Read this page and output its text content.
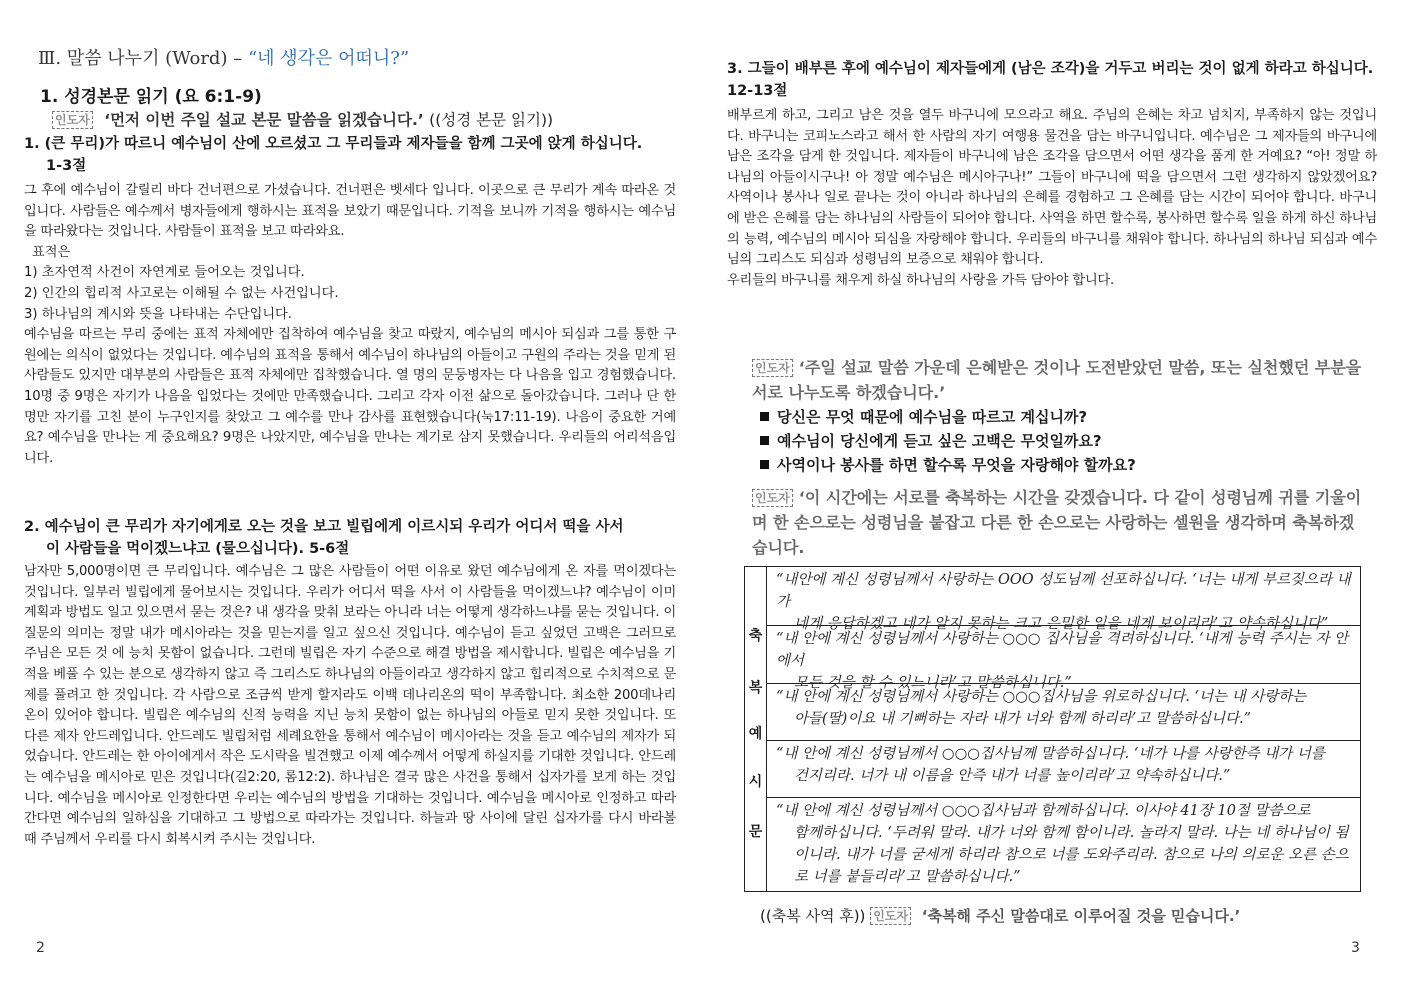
Ⅲ. 말씀 나누기 (Word) – “네 생각은 어떠니?”
1. 성경본문 읽기 (요 6:1-9)
인도자 ‘먼저 이번 주일 설교 본문 말씀을 읽겠습니다.’ ((성경 본문 읽기))

1. (큰 무리)가 따르니 예수님이 산에 오르셨고 그 무리들과 제자들을 함께 그곳에 앉게 하십니다.
1-3절

그 후에 예수님이 갈릴리 바다 건너편으로 가셨습니다. 건너편은 벳세다 입니다. 이곳으로 큰 무리가 계속 따라온 것입니다. 사람들은 예수께서 병자들에게 행하시는 표적을 보았기 때문입니다. 기적을 보니까 기적을 행하시는 예수님을 따라왔다는 것입니다. 사람들이 표적을 보고 따라와요.

표적은
1) 초자연적 사건이 자연계로 들어오는 것입니다.
2) 인간의 힙리적 사고로는 이해될 수 없는 사건입니다.
3) 하나님의 계시와 뜻을 나타내는 수단입니다.

예수님을 따르는 무리 중에는 표적 자체에만 집착하여 예수님을 찾고 따랐지, 예수님의 메시아 되심과 그를 통한 구원에는 의식이 없었다는 것입니다. 예수님의 표적을 통해서 예수님이 하나님의 아들이고 구원의 주라는 것을 믿게 된 사람들도 있지만 대부분의 사람들은 표적 자체에만 집착했습니다. 열 명의 문둥병자는 다 나음을 입고 경험했습니다. 10명 중 9명은 자기가 나음을 입었다는 것에만 만족했습니다. 그리고 각자 이전 삶으로 돌아갔습니다. 그러나 단 한 명만 자기를 고친 분이 누구인지를 찾았고 그 예수를 만나 감사를 표현했습니다(눅17:11-19). 나음이 중요한 거예요? 예수님을 만나는 게 중요해요? 9명은 나았지만, 예수님을 만나는 계기로 삼지 못했습니다. 우리들의 어리석음입니다.

2. 예수님이 큰 무리가 자기에게로 오는 것을 보고 빌립에게 이르시되 우리가 어디서 떡을 사서
이 사람들을 먹이겠느냐고 (물으십니다). 5-6절

남자만 5,000명이면 큰 무리입니다. 예수님은 그 많은 사람들이 어떤 이유로 왔던 예수님에게 온 자를 먹이겠다는 것입니다. 일부러 빌립에게 물어보시는 것입니다. 우리가 어디서 떡을 사서 이 사람들을 먹이겠느냐? 예수님이 이미 계획과 방법도 일고 있으면서 묻는 것은? 내 생각을 맞춰 보라는 아니라 너는 어떻게 생각하느냐를 묻는 것입니다. 이 질문의 의미는 정말 내가 메시아라는 것을 믿는지를 일고 싶으신 것입니다. 예수님이 듣고 싶었던 고백은 그러므로 주님은 모든 것 에 능치 못함이 없습니다. 그런데 빌립은 자기 수준으로 해결 방법을 제시합니다. 빌립은 예수님을 기적을 베풀 수 있는 분으로 생각하지 않고 즉 그리스도 하나님의 아들이라고 생각하지 않고 힙리적으로 수치적으로 문제를 풀려고 한 것입니다. 각 사람으로 조금씩 받게 할지라도 이백 데나리온의 떡이 부족합니다. 최소한 200데나리온이 있어야 합니다. 빌립은 예수님의 신적 능력을 지닌 능치 못함이 없는 하나님의 아들로 믿지 못한 것입니다. 또 다른 제자 안드레입니다. 안드레도 빌립처럼 세례요한을 통해서 예수님이 메시아라는 것을 듣고 예수님의 제자가 되었습니다. 안드레는 한 아이에게서 작은 도시락을 빌견했고 이제 예수께서 어떻게 하실지를 기대한 것입니다. 안드레는 예수님을 메시아로 믿은 것입니다(길2:20, 롬12:2). 하나님은 결국 많은 사건을 통해서 십자가를 보게 하는 것입니다. 예수님을 메시아로 인정한다면 우리는 예수님의 방법을 기대하는 것입니다. 예수님을 메시아로 인정하고 따라간다면 예수님의 일하심을 기대하고 그 방법으로 따라가는 것입니다. 하늘과 땅 사이에 달린 십자가를 다시 바라볼 때 주님께서 우리를 다시 회복시켜 주시는 것입니다.

2

3. 그들이 배부른 후에 예수님이 제자들에게 (남은 조각)을 거두고 버리는 것이 없게 하라고 하십니다. 12-13절

배부르게 하고, 그리고 남은 것을 열두 바구니에 모으라고 해요. 주님의 은혜는 차고 넘치지, 부족하지 않는 것입니다. 바구니는 코피노스라고 해서 한 사람의 자기 여행용 물건을 담는 바구니입니다. 예수님은 그 제자들의 바구니에 남은 조각을 담게 한 것입니다. 제자들이 바구니에 남은 조각을 담으면서 어떤 생각을 품게 한 거예요? “아! 정말 하나님의 아들이시구나! 아 정말 예수님은 메시아구나!” 그들이 바구니에 떡을 담으면서 그런 생각하지 않았겠어요? 사역이나 봉사나 일로 끝나는 것이 아니라 하나님의 은혜를 경험하고 그 은혜를 담는 시간이 되어야 합니다. 바구니에 받은 은혜를 담는 하나님의 사람들이 되어야 합니다. 사역을 하면 할수록, 봉사하면 할수록 일을 하게 하신 하나님의 능력, 예수님의 메시아 되심을 자랑해야 합니다. 우리들의 바구니를 채워야 합니다. 하나님의 하나님 되심과 예수님의 그리스도 되심과 성령님의 보증으로 채워야 합니다.

우리들의 바구니를 채우게 하실 하나님의 사랑을 가득 담아야 합니다.

인도자 ‘주일 설교 말씀 가운데 은혜받은 것이나 도전받았던 말씀, 또는 실천했던 부분을 서로 나누도록 하겠습니다.’
당신은 무엇 때문에 예수님을 따르고 계십니까?
예수님이 당신에게 듣고 싶은 고백은 무엇일까요?
사역이나 봉사를 하면 할수록 무엇을 자랑해야 할까요?
인도자 ‘이 시간에는 서로를 축복하는 시간을 갖겠습니다. 다 같이 성령님께 귀를 기울이며 한 손으로는 성령님을 붙잡고 다른 한 손으로는 사랑하는 셀원을 생각하며 축복하겠습니다.
축
복
예
시
문

“내안에 계신 성령님께서 사랑하는 OOO 성도님께 선포하십니다. ‘너는 내게 부르짖으라 내가
네게 응답하겠고 네가 알지 못하는 크고 은밀한 일을 네게 보이리라’고 약속하십니다”

“내 안에 계신 성령님께서 사랑하는 ○○○ 집사님을 격려하십니다. ‘내게 능력 주시는 자 안에서
모든 것을 할 수 있느니라’고 말씀하십니다.”

“내 안에 계신 성령님께서 사랑하는 ○○○집사님을 위로하십니다. ‘너는 내 사랑하는
아들(딸)이요 내 기뻐하는 자라 내가 너와 함께 하리라’고 말씀하십니다.”

“내 안에 계신 성령님께서 ○○○집사님께 말씀하십니다. ‘네가 나를 사랑한즉 내가 너를
건지리라. 너가 내 이름을 안즉 내가 너를 높이리라’고 약속하십니다.”

“내 안에 계신 성령님께서 ○○○집사님과 함께하십니다. 이사야 41장 10절 말씀으로
함께하십니다. ‘두려워 말라. 내가 너와 함께 함이니라. 놀라지 말라. 나는 네 하나님이 됨이니라. 내가 너를 굳세게 하리라 참으로 너를 도와주리라. 참으로 나의 의로운 오른 손으로 너를 붙들리라’고 말씀하십니다.”

((축복 사역 후)) 인도자 ‘축복해 주신 말씀대로 이루어질 것을 믿습니다.’
3
